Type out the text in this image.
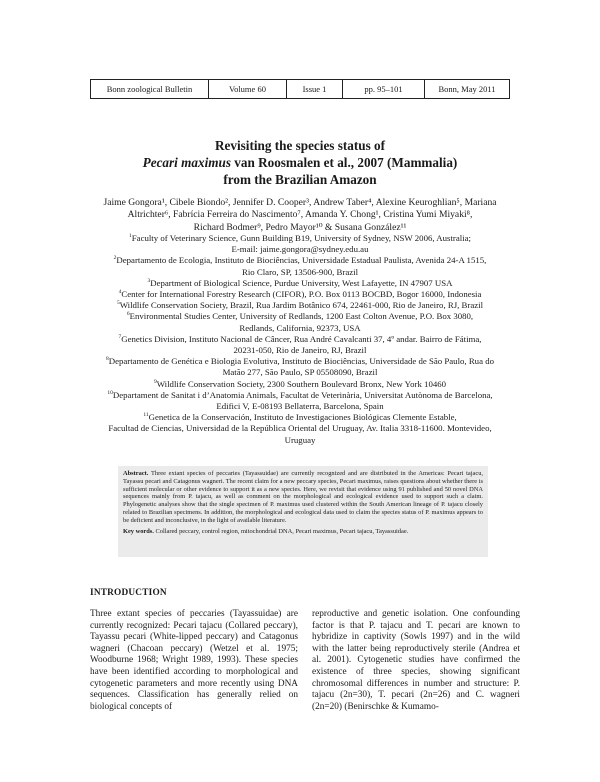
Bonn zoological Bulletin	Volume 60	Issue 1	pp. 95–101	Bonn, May 2011
Revisiting the species status of
Pecari maximus van Roosmalen et al., 2007 (Mammalia)
from the Brazilian Amazon
Jaime Gongora¹, Cibele Biondo², Jennifer D. Cooper³, Andrew Taber⁴, Alexine Keuroghlian⁵, Mariana
Altrichter⁶, Fabrícia Ferreira do Nascimento⁷, Amanda Y. Chong¹, Cristina Yumi Miyaki⁸,
Richard Bodmer⁹, Pedro Mayor¹⁰ & Susana González¹¹
$^1$Faculty of Veterinary Science, Gunn Building B19, University of Sydney, NSW 2006, Australia;
E-mail: jaime.gongora@sydney.edu.au
$^2$Departamento de Ecologia, Instituto de Biociências, Universidade Estadual Paulista, Avenida 24-A 1515,
Rio Claro, SP, 13506-900, Brazil
$^3$Department of Biological Science, Purdue University, West Lafayette, IN 47907 USA
$^4$Center for International Forestry Research (CIFOR), P.O. Box 0113 BOCBD, Bogor 16000, Indonesia
$^5$Wildlife Conservation Society, Brazil, Rua Jardim Botânico 674, 22461-000, Rio de Janeiro, RJ, Brazil
$^6$Environmental Studies Center, University of Redlands, 1200 East Colton Avenue, P.O. Box 3080,
Redlands, California, 92373, USA
$^7$Genetics Division, Instituto Nacional de Câncer, Rua André Cavalcanti 37, 4º andar. Bairro de Fátima,
20231-050, Rio de Janeiro, RJ, Brazil
$^8$Departamento de Genética e Biologia Evolutiva, Instituto de Biociências, Universidade de São Paulo, Rua do
Matão 277, São Paulo, SP 05508090, Brazil
$^9$Wildlife Conservation Society, 2300 Southern Boulevard Bronx, New York 10460
$^{10}$Departament de Sanitat i d’Anatomia Animals, Facultat de Veterinària, Universitat Autònoma de Barcelona,
Edifici V, E-08193 Bellaterra, Barcelona, Spain
$^{11}$Genetica de la Conservación, Instituto de Investigaciones Biológicas Clemente Estable,
Facultad de Ciencias, Universidad de la República Oriental del Uruguay, Av. Italia 3318-11600. Montevideo,
Uruguay

Abstract. Three extant species of peccaries (Tayassuidae) are currently recognized and are distributed in the Americas: Pecari tajacu, Tayassu pecari and Catagonus wagneri. The recent claim for a new peccary species, Pecari maximus, raises questions about whether there is sufficient molecular or other evidence to support it as a new species. Here, we revisit that evidence using 91 published and 50 novel DNA sequences mainly from P. tajacu, as well as comment on the morphological and ecological evidence used to support such a claim. Phylogenetic analyses show that the single specimen of P. maximus used clustered within the South American lineage of P. tajacu closely related to Brazilian specimens. In addition, the morphological and ecological data used to claim the species status of P. maximus appears to be deficient and inconclusive, in the light of available literature.

Key words. Collared peccary, control region, mitochondrial DNA, Pecari maximus, Pecari tajacu, Tayassuidae.

INTRODUCTION

Three extant species of peccaries (Tayassuidae) are currently recognized: Pecari tajacu (Collared peccary), Tayassu pecari (White-lipped peccary) and Catagonus wagneri (Chacoan peccary) (Wetzel et al. 1975; Woodburne 1968; Wright 1989, 1993). These species have been identified according to morphological and cytogenetic parameters and more recently using DNA sequences. Classification has generally relied on biological concepts of

reproductive and genetic isolation. One confounding factor is that P. tajacu and T. pecari are known to hybridize in captivity (Sowls 1997) and in the wild with the latter being reproductively sterile (Andrea et al. 2001). Cytogenetic studies have confirmed the existence of three species, showing significant chromosomal differences in number and structure: P. tajacu (2n=30), T. pecari (2n=26) and C. wagneri (2n=20) (Benirschke & Kumamo-
